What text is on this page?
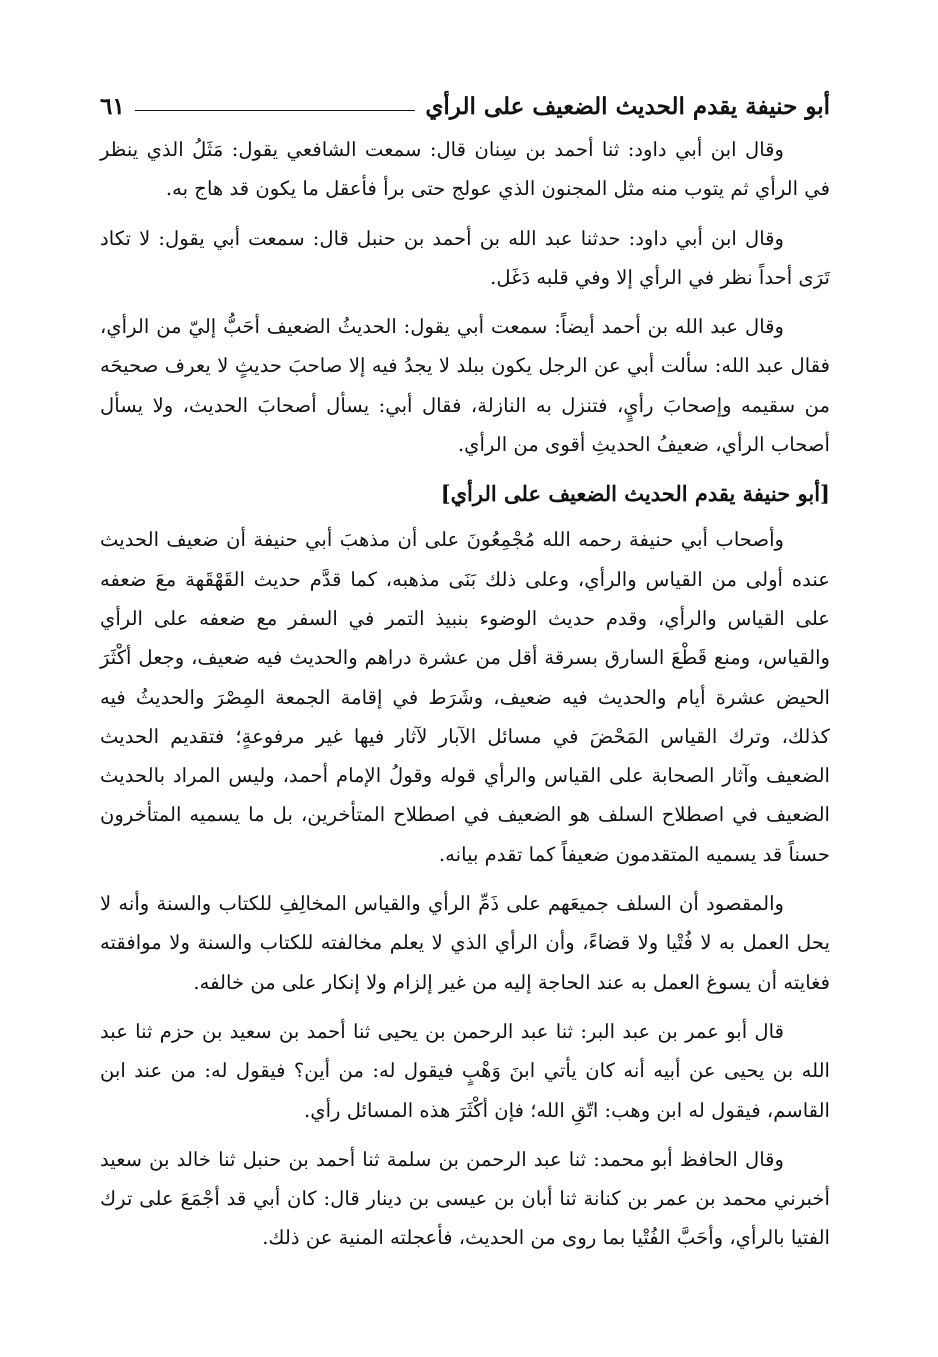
أبو حنيفة يقدم الحديث الضعيف على الرأي
٦١

وقال ابن أبي داود: ثنا أحمد بن سِنان قال: سمعت الشافعي يقول: مَثَلُ الذي ينظر في الرأي ثم يتوب منه مثل المجنون الذي عولج حتى برأ فأعقل ما يكون قد هاج به.

وقال ابن أبي داود: حدثنا عبد الله بن أحمد بن حنبل قال: سمعت أبي يقول: لا تكاد تَرَى أحداً نظر في الرأي إلا وفي قلبه دَغَل.

وقال عبد الله بن أحمد أيضاً: سمعت أبي يقول: الحديثُ الضعيف أحَبُّ إليّ من الرأي، فقال عبد الله: سألت أبي عن الرجل يكون ببلد لا يجدُ فيه إلا صاحبَ حديثٍ لا يعرف صحيحَه من سقيمه وإصحابَ رأيٍ، فتنزل به النازلة، فقال أبي: يسأل أصحابَ الحديث، ولا يسأل أصحاب الرأي، ضعيفُ الحديثِ أقوى من الرأي.

[أبو حنيفة يقدم الحديث الضعيف على الرأي]

وأصحاب أبي حنيفة رحمه الله مُجْمِعُونَ على أن مذهبَ أبي حنيفة أن ضعيف الحديث عنده أولى من القياس والرأي، وعلى ذلك بَنَى مذهبه، كما قدَّم حديث القَهْقَهة معَ ضعفه على القياس والرأي، وقدم حديث الوضوء بنبيذ التمر في السفر مع ضعفه على الرأي والقياس، ومنع قَطْعَ السارق بسرقة أقل من عشرة دراهم والحديث فيه ضعيف، وجعل أكْثَرَ الحيض عشرة أيام والحديث فيه ضعيف، وشَرَط في إقامة الجمعة المِصْرَ والحديثُ فيه كذلك، وترك القياس المَحْضَ في مسائل الآبار لآثار فيها غير مرفوعةٍ؛ فتقديم الحديث الضعيف وآثار الصحابة على القياس والرأي قوله وقولُ الإمام أحمد، وليس المراد بالحديث الضعيف في اصطلاح السلف هو الضعيف في اصطلاح المتأخرين، بل ما يسميه المتأخرون حسناً قد يسميه المتقدمون ضعيفاً كما تقدم بيانه.

والمقصود أن السلف جميعَهم على ذَمِّ الرأي والقياس المخالِفِ للكتاب والسنة وأنه لا يحل العمل به لا فُتْيا ولا قضاءً، وأن الرأي الذي لا يعلم مخالفته للكتاب والسنة ولا موافقته فغايته أن يسوغ العمل به عند الحاجة إليه من غير إلزام ولا إنكار على من خالفه.

قال أبو عمر بن عبد البر: ثنا عبد الرحمن بن يحيى ثنا أحمد بن سعيد بن حزم ثنا عبد الله بن يحيى عن أبيه أنه كان يأتي ابنَ وَهْبٍ فيقول له: من أين؟ فيقول له: من عند ابن القاسم، فيقول له ابن وهب: اتّقِ الله؛ فإن أكْثَرَ هذه المسائل رأي.

وقال الحافظ أبو محمد: ثنا عبد الرحمن بن سلمة ثنا أحمد بن حنبل ثنا خالد بن سعيد أخبرني محمد بن عمر بن كنانة ثنا أبان بن عيسى بن دينار قال: كان أبي قد أجْمَعَ على ترك الفتيا بالرأي، وأحَبَّ الفُتْيا بما روى من الحديث، فأعجلته المنية عن ذلك.
